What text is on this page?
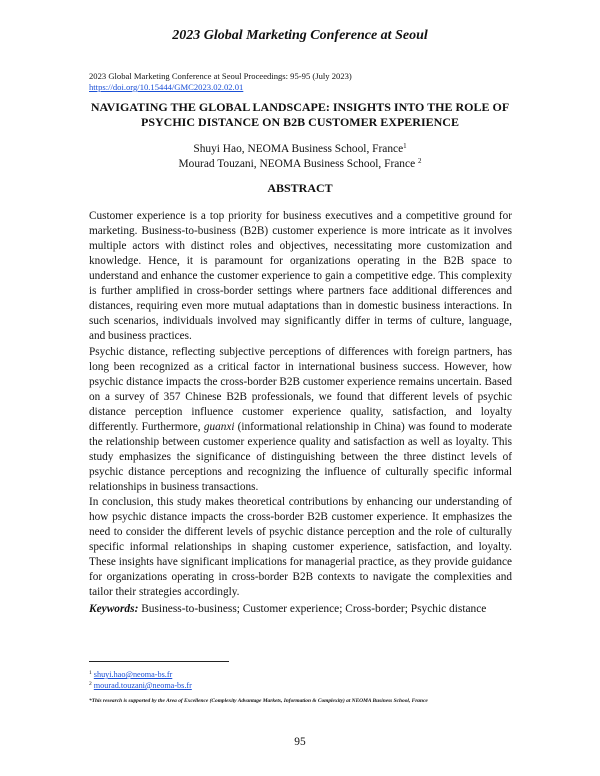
2023 Global Marketing Conference at Seoul
2023 Global Marketing Conference at Seoul Proceedings: 95-95 (July 2023)
https://doi.org/10.15444/GMC2023.02.02.01
NAVIGATING THE GLOBAL LANDSCAPE: INSIGHTS INTO THE ROLE OF
PSYCHIC DISTANCE ON B2B CUSTOMER EXPERIENCE
Shuyi Hao, NEOMA Business School, France$^1$
Mourad Touzani, NEOMA Business School, France $^2$
ABSTRACT

Customer experience is a top priority for business executives and a competitive ground for marketing. Business-to-business (B2B) customer experience is more intricate as it involves multiple actors with distinct roles and objectives, necessitating more customization and knowledge. Hence, it is paramount for organizations operating in the B2B space to understand and enhance the customer experience to gain a competitive edge. This complexity is further amplified in cross-border settings where partners face additional differences and distances, requiring even more mutual adaptations than in domestic business interactions. In such scenarios, individuals involved may significantly differ in terms of culture, language, and business practices.

Psychic distance, reflecting subjective perceptions of differences with foreign partners, has long been recognized as a critical factor in international business success. However, how psychic distance impacts the cross-border B2B customer experience remains uncertain. Based on a survey of 357 Chinese B2B professionals, we found that different levels of psychic distance perception influence customer experience quality, satisfaction, and loyalty differently. Furthermore, guanxi (informational relationship in China) was found to moderate the relationship between customer experience quality and satisfaction as well as loyalty. This study emphasizes the significance of distinguishing between the three distinct levels of psychic distance perceptions and recognizing the influence of culturally specific informal relationships in business transactions.

In conclusion, this study makes theoretical contributions by enhancing our understanding of how psychic distance impacts the cross-border B2B customer experience. It emphasizes the need to consider the different levels of psychic distance perception and the role of culturally specific informal relationships in shaping customer experience, satisfaction, and loyalty. These insights have significant implications for managerial practice, as they provide guidance for organizations operating in cross-border B2B contexts to navigate the complexities and tailor their strategies accordingly.

Keywords: Business-to-business; Customer experience; Cross-border; Psychic distance
$^1$ shuyi.hao@neoma-bs.fr
$^2$ mourad.touzani@neoma-bs.fr
*This research is supported by the Area of Excellence (Complexity Advantage Markets, Information & Complexity) at NEOMA Business School, France
95
